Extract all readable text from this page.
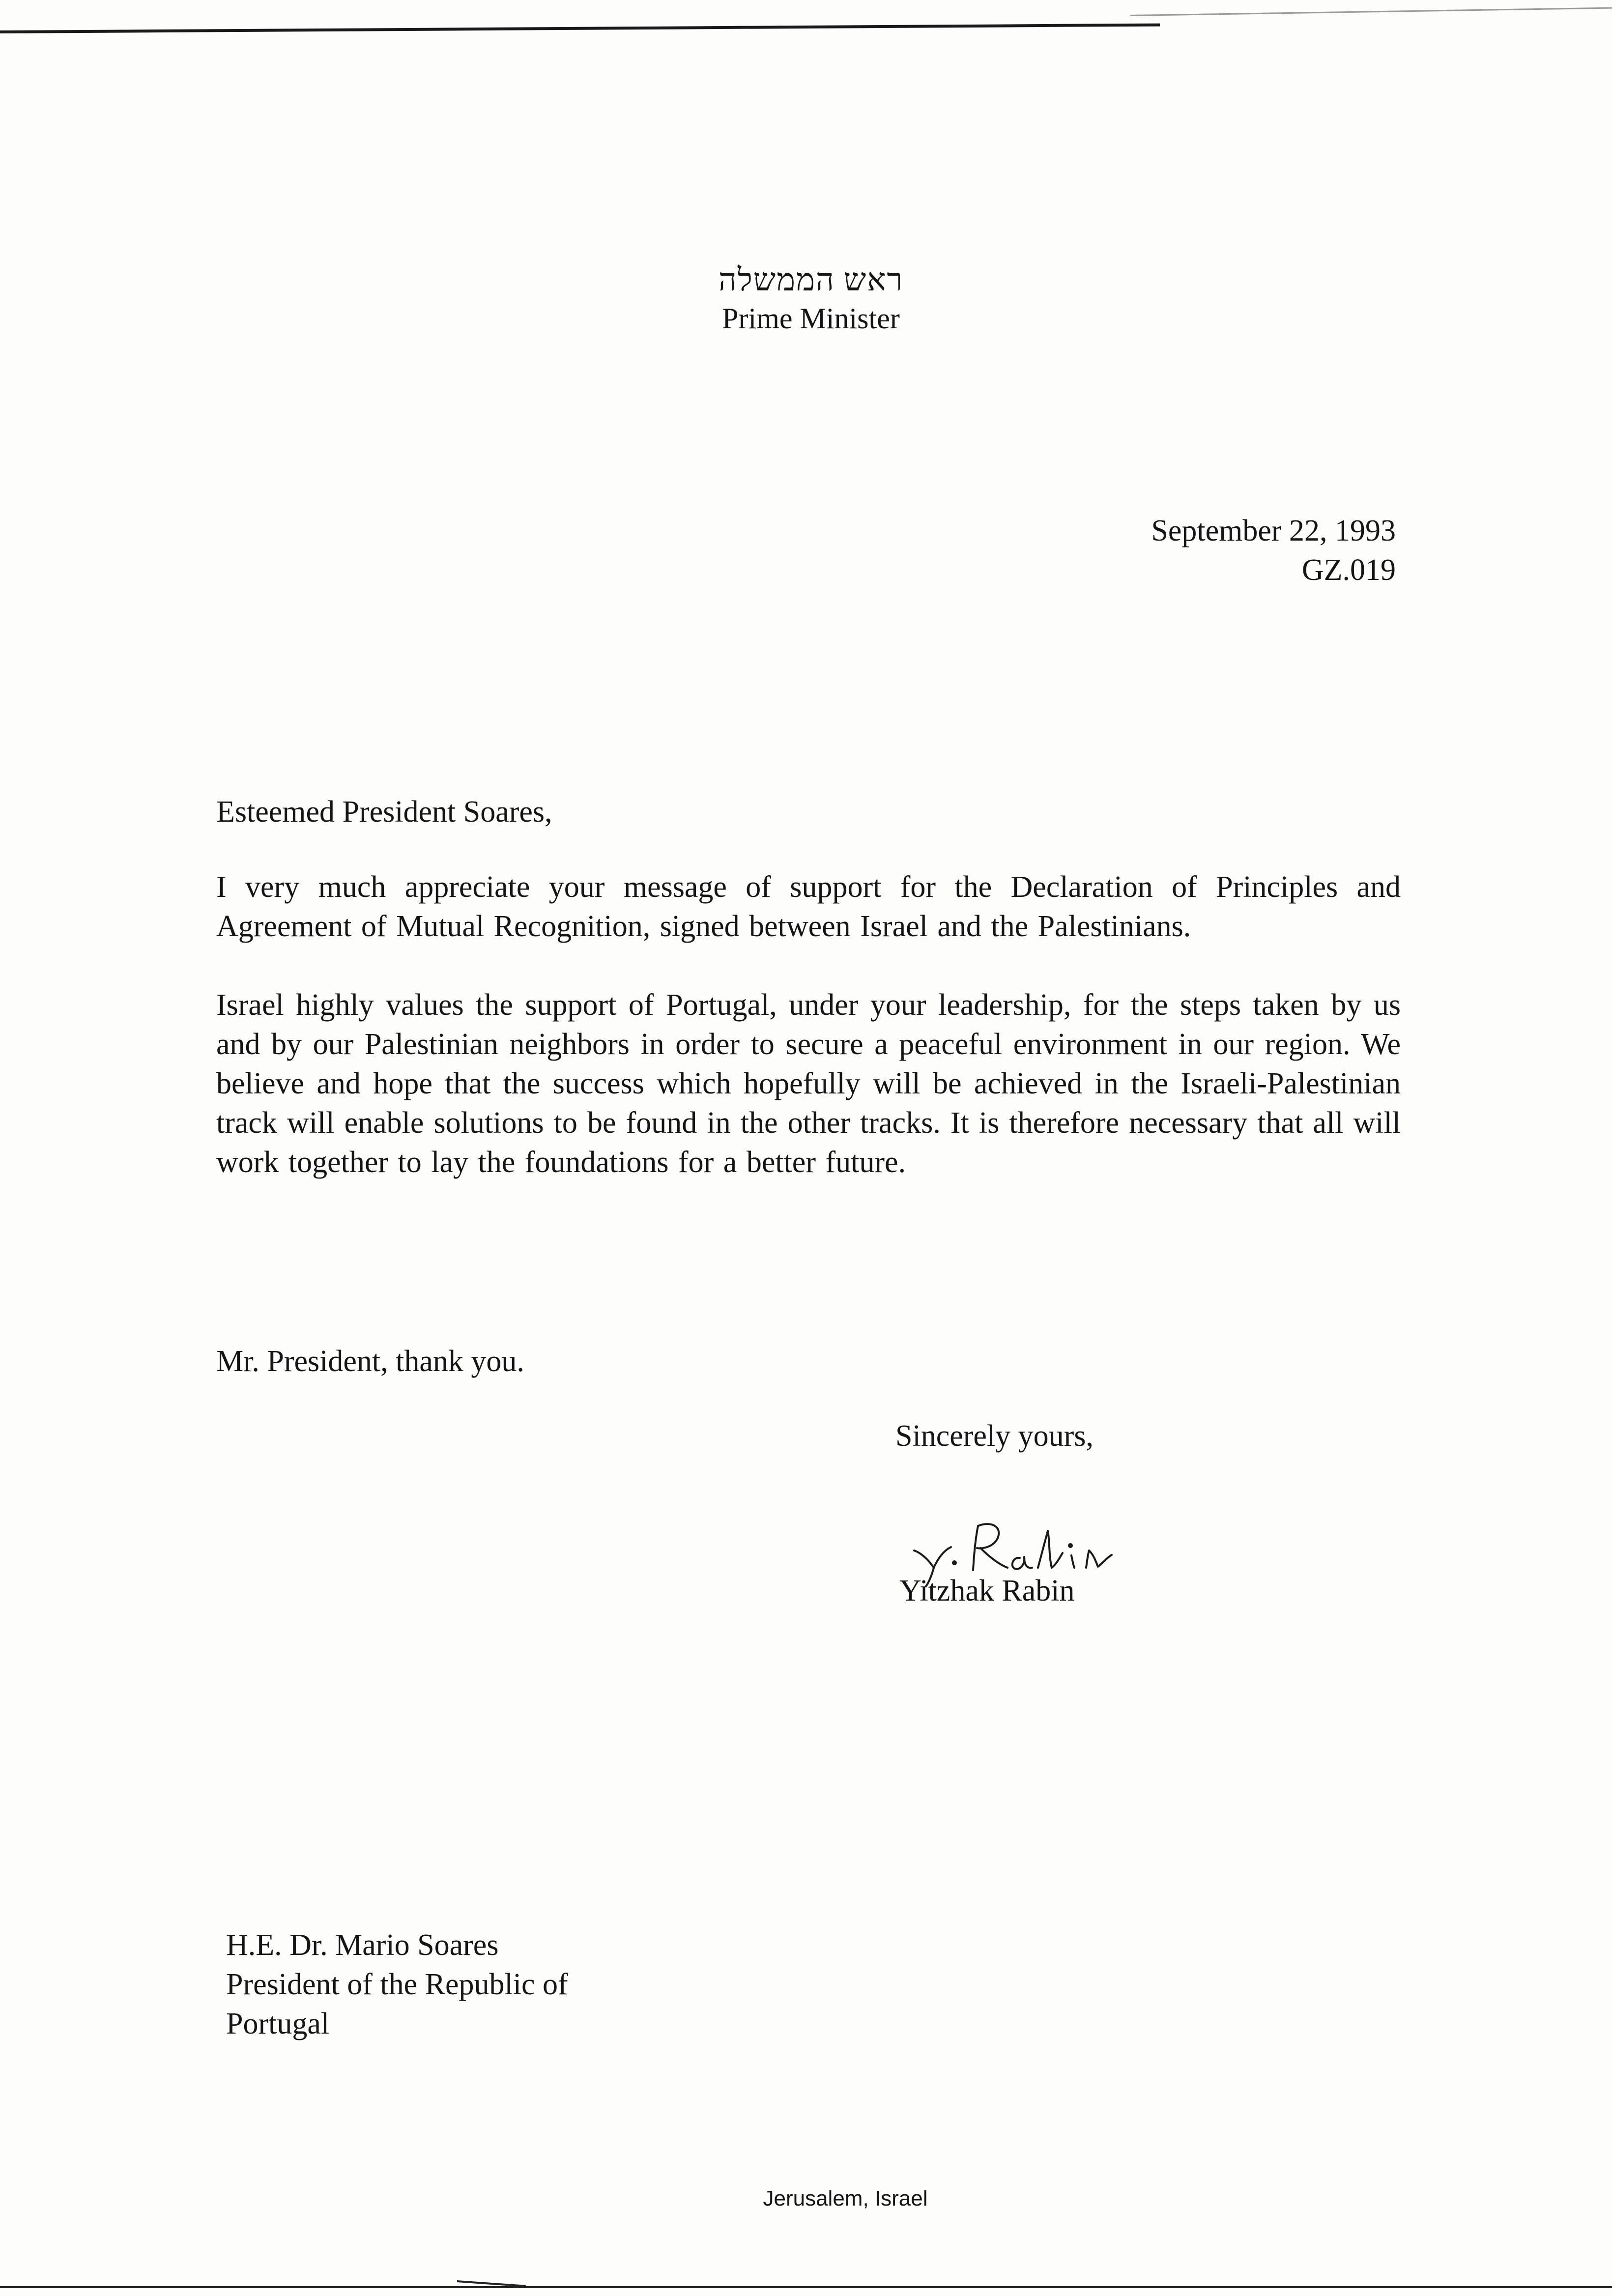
ראש הממשלה
Prime Minister
September 22, 1993
GZ.019
Esteemed President Soares,

I very much appreciate your message of support for the Declaration of Principles and Agreement of Mutual Recognition, signed between Israel and the Palestinians.

Israel highly values the support of Portugal, under your leadership, for the steps taken by us and by our Palestinian neighbors in order to secure a peaceful environment in our region. We believe and hope that the success which hopefully will be achieved in the Israeli-Palestinian track will enable solutions to be found in the other tracks. It is therefore necessary that all will work together to lay the foundations for a better future.

Mr. President, thank you.
Sincerely yours,
Yitzhak Rabin
H.E. Dr. Mario Soares
President of the Republic of
Portugal
Jerusalem, Israel
